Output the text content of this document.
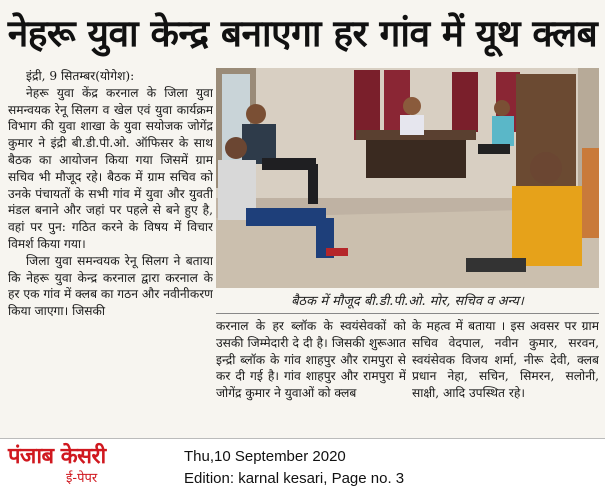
नेहरू युवा केन्द्र बनाएगा हर गांव में यूथ क्लब

इंद्री, 9 सितम्बर(योगेश):

नेहरू युवा केंद्र करनाल के जिला युवा समन्वयक रेनू सिलग व खेल एवं युवा कार्यक्रम विभाग की युवा शाखा के युवा सयोजक जोगेंद्र कुमार ने इंद्री बी.डी.पी.ओ. ऑफिसर के साथ बैठक का आयोजन किया गया जिसमें ग्राम सचिव भी मौजूद रहे। बैठक में ग्राम सचिव को उनके पंचायतों के सभी गांव में युवा और युवती मंडल बनाने और जहां पर पहले से बने हुए है, वहां पर पुन: गठित करने के विषय में विचार विमर्श किया गया।

जिला युवा समन्वयक रेनू सिलग ने बताया कि नेहरू युवा केन्द्र करनाल द्वारा करनाल के हर एक गांव में क्लब का गठन और नवीनीकरण किया जाएगा। जिसकी

बैठक में मौजूद बी.डी.पी.ओ. मोर, सचिव व अन्य।

करनाल के हर ब्लॉक के स्वयंसेवकों को उसकी जिम्मेदारी दे दी है। जिसकी शुरूआत इन्द्री ब्लॉक के गांव शाहपुर और रामपुरा से कर दी गई है। गांव शाहपुर और रामपुरा में जोगेंद्र कुमार ने युवाओं को क्लब

के महत्व में बताया । इस अवसर पर ग्राम सचिव वेदपाल, नवीन कुमार, सरवन, स्वयंसेवक विजय शर्मा, नीरू देवी, क्लब प्रधान नेहा, सचिन, सिमरन, सलोनी, साक्षी, आदि उपस्थित रहे।

पंजाब केसरी
ई-पेपर
Thu,10 September 2020
Edition: karnal kesari, Page no. 3
